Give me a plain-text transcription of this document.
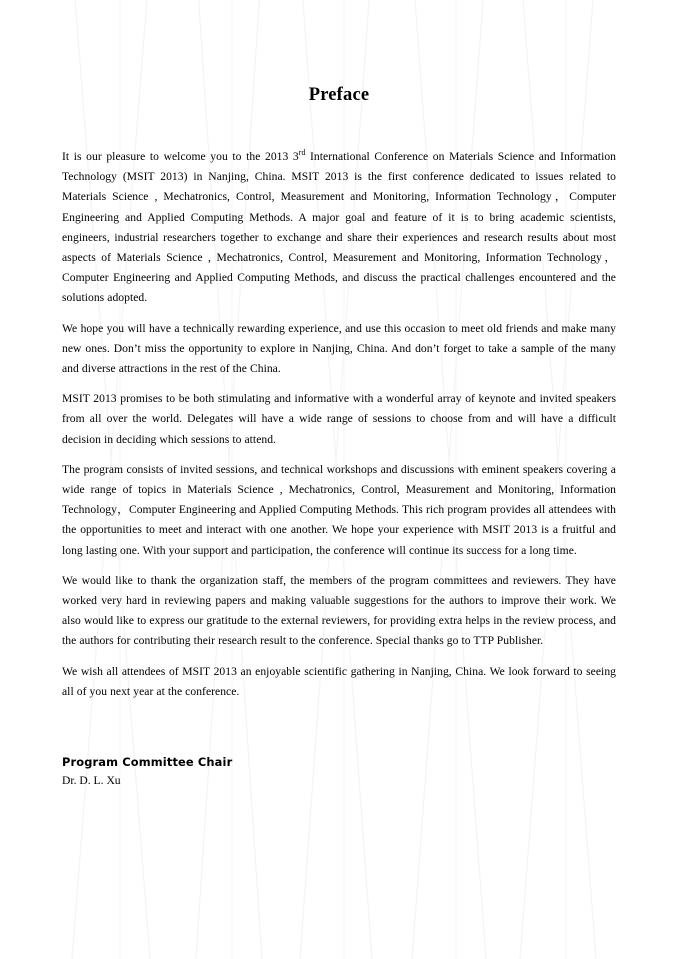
Preface

It is our pleasure to welcome you to the 2013 3rd International Conference on Materials Science and Information Technology (MSIT 2013) in Nanjing, China. MSIT 2013 is the first conference dedicated to issues related to Materials Science , Mechatronics, Control, Measurement and Monitoring, Information Technology，Computer Engineering and Applied Computing Methods. A major goal and feature of it is to bring academic scientists, engineers, industrial researchers together to exchange and share their experiences and research results about most aspects of Materials Science , Mechatronics, Control, Measurement and Monitoring, Information Technology，Computer Engineering and Applied Computing Methods, and discuss the practical challenges encountered and the solutions adopted.

We hope you will have a technically rewarding experience, and use this occasion to meet old friends and make many new ones. Don’t miss the opportunity to explore in Nanjing, China. And don’t forget to take a sample of the many and diverse attractions in the rest of the China.

MSIT 2013 promises to be both stimulating and informative with a wonderful array of keynote and invited speakers from all over the world. Delegates will have a wide range of sessions to choose from and will have a difficult decision in deciding which sessions to attend.

The program consists of invited sessions, and technical workshops and discussions with eminent speakers covering a wide range of topics in Materials Science , Mechatronics, Control, Measurement and Monitoring, Information Technology，Computer Engineering and Applied Computing Methods. This rich program provides all attendees with the opportunities to meet and interact with one another. We hope your experience with MSIT 2013 is a fruitful and long lasting one. With your support and participation, the conference will continue its success for a long time.

We would like to thank the organization staff, the members of the program committees and reviewers. They have worked very hard in reviewing papers and making valuable suggestions for the authors to improve their work. We also would like to express our gratitude to the external reviewers, for providing extra helps in the review process, and the authors for contributing their research result to the conference. Special thanks go to TTP Publisher.

We wish all attendees of MSIT 2013 an enjoyable scientific gathering in Nanjing, China. We look forward to seeing all of you next year at the conference.

Program Committee Chair

Dr. D. L. Xu
